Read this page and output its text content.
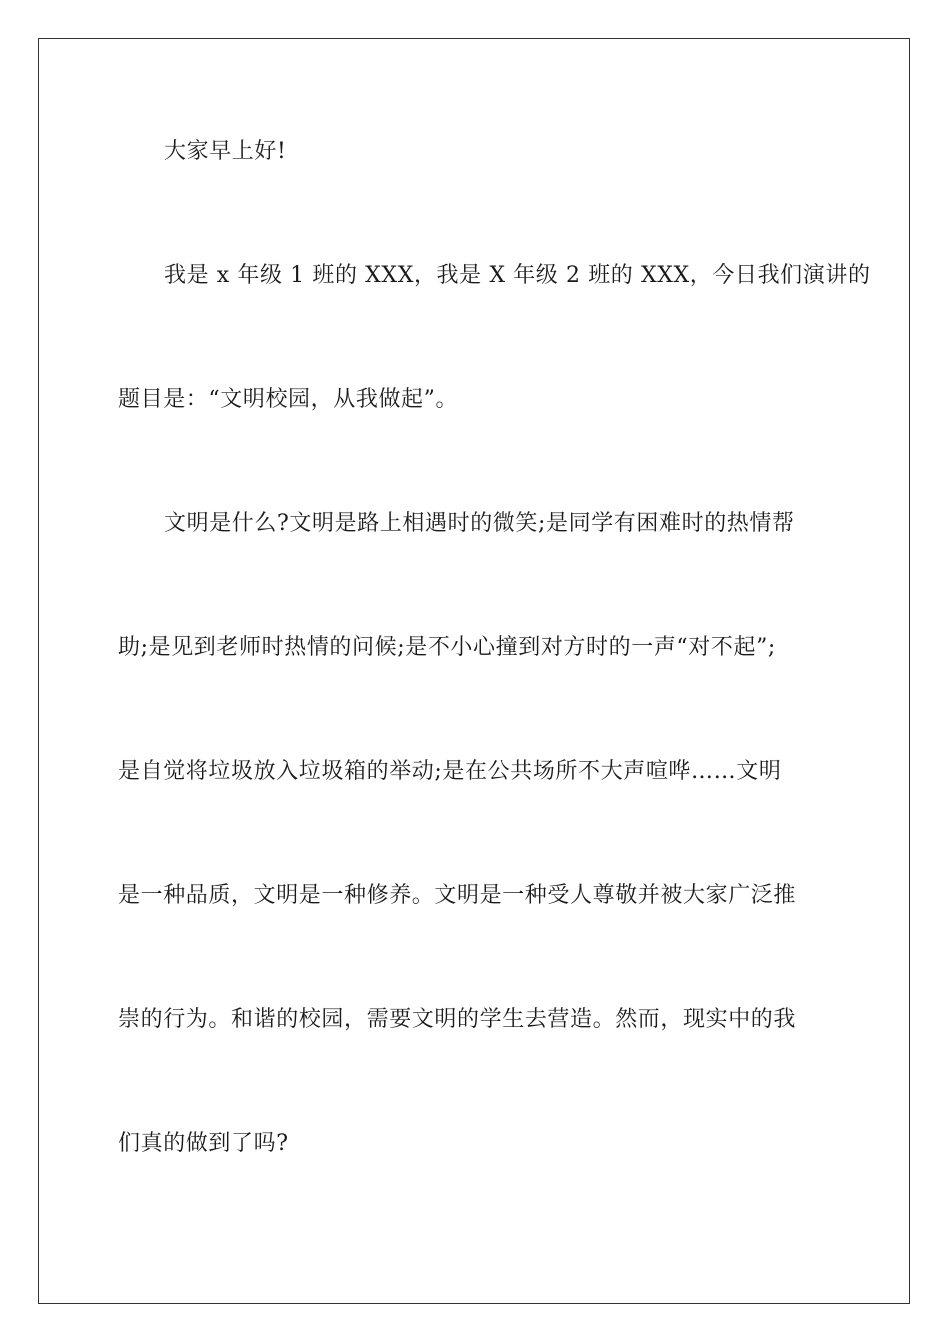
大家早上好!
我是 x 年级 1 班的 XXX，我是 X 年级 2 班的 XXX，今日我们演讲的
题目是：“文明校园，从我做起”。
文明是什么?文明是路上相遇时的微笑;是同学有困难时的热情帮
助;是见到老师时热情的问候;是不小心撞到对方时的一声“对不起”;
是自觉将垃圾放入垃圾箱的举动;是在公共场所不大声喧哗……文明
是一种品质，文明是一种修养。文明是一种受人尊敬并被大家广泛推
崇的行为。和谐的校园，需要文明的学生去营造。然而，现实中的我
们真的做到了吗?
